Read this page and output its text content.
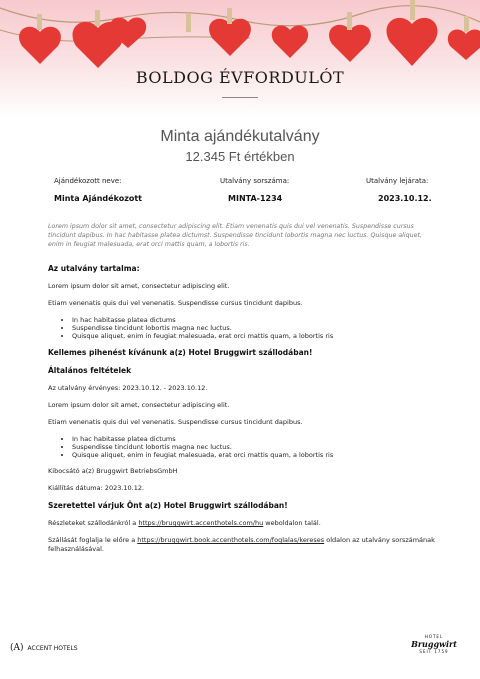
BOLDOG ÉVFORDULÓT
Minta ajándékutalvány
12.345 Ft értékben
Ajándékozott neve:	Utalvány sorszáma:	Utalvány lejárata:
Minta Ajándékozott	MINTA-1234	2023.10.12.
Lorem ipsum dolor sit amet, consectetur adipiscing elit. Etiam venenatis quis dui vel venenatis. Suspendisse cursus tincidunt dapibus. In hac habitasse platea dictumst. Suspendisse tincidunt lobortis magna nec luctus. Quisque aliquet, enim in feugiat malesuada, erat orci mattis quam, a lobortis ris.
Az utalvány tartalma:

Lorem ipsum dolor sit amet, consectetur adipiscing elit.

Etiam venenatis quis dui vel venenatis. Suspendisse cursus tincidunt dapibus.

• In hac habitasse platea dictums
• Suspendisse tincidunt lobortis magna nec luctus.
• Quisque aliquet, enim in feugiat malesuada, erat orci mattis quam, a lobortis ris
Kellemes pihenést kívánunk a(z) Hotel Bruggwirt szállodában!
Általános feltételek

Az utalvány érvényes: 2023.10.12. - 2023.10.12.

Lorem ipsum dolor sit amet, consectetur adipiscing elit.

Etiam venenatis quis dui vel venenatis. Suspendisse cursus tincidunt dapibus.

• In hac habitasse platea dictums
• Suspendisse tincidunt lobortis magna nec luctus.
• Quisque aliquet, enim in feugiat malesuada, erat orci mattis quam, a lobortis ris

Kibocsátó a(z) Bruggwirt BetriebsGmbH

Kiállítás dátuma: 2023.10.12.

Szeretettel várjuk Önt a(z) Hotel Bruggwirt szállodában!

Részleteket szállodánkról a https://bruggwirt.accenthotels.com/hu weboldalon talál.

Szállását foglalja le előre a https://bruggwirt.book.accenthotels.com/foglalas/kereses oldalon az utalvány sorszámának felhasználásával.

(A) ACCENT HOTELS
HOTEL
Bruggwirt
SEIT 1759
